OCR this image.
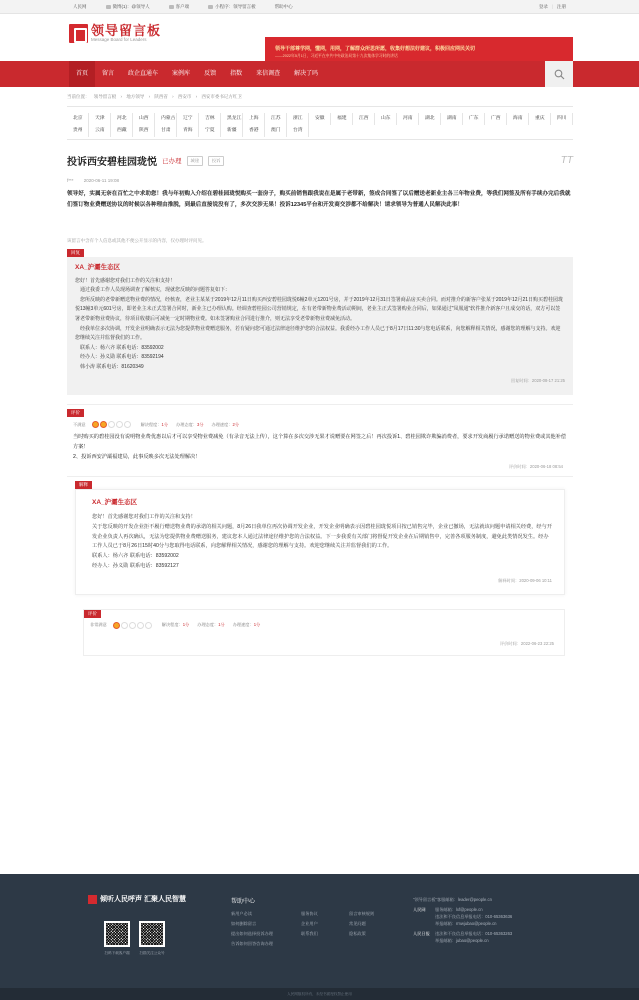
人民网	微博(1)：@领导人	客户端	小程序：领导留言板	帮助中心	登录 | 注册
领导留言板
Message Board for Leaders
领导干部尊学网，懂网，用网，了解群众所思所愿，收集好想法好建议，积极回应网民关切
——2022年5月1日，习近平在中共中央政治局第十九次集体学习时的讲话
首页	留言	政企直通车	案例库	反馈	指数	来信调查	解决了吗
当前位置： 领导留言板 › 地方领导 › 陕西省 › 西安市 › 西安市委书记方红卫
北京	天津	河北	山西	内蒙古	辽宁	吉林	黑龙江	上海	江苏	浙江	安徽	福建	江西	山东	河南	湖北	湖南	广东	广西	海南	重庆	四川
贵州	云南	西藏	陕西	甘肃	青海	宁夏	新疆	香港	澳门	台湾
投诉西安碧桂园珑悦 已办理	城建	投诉	TT
f*** 2020-06-11 19:08
领导好，实属无奈在百忙之中求助您！我与年初购入介绍在碧桂园珑悦购买一套房子，购买前销售跟我说在是属于老带新，签成合同签了以后赠送老新业主各三年物业费，等我们网签及所有手续办完后我就们签订物业费赠送协议的时候以各种理由推脱，到最后直接说没有了，多次交涉无果！投诉12345平台和开发商交涉都不给解决！请求领导为普通人民解决此事！
该留言中含有个人信息或其他不便公开显示的内容，仅办理时评问见。
回复
XA_沪灞生态区
您好！首先感谢您对我们工作的关注和支持！
　通过我委工作人员现场调查了解核实，现就您反映的问题答复如下：
　您所反映的老带新赠送物业费的情况，经核查，老业主某某于2019年12月11日购买西安碧桂园珑悦6幢2单元1201号房，并于2019年12月31日签署商品房买卖合同。而对推介的新客户张某于2019年12月21日购买碧桂园珑悦13幢3单元601号房，即老业主未正式签署合同时，新业主已办理认购。经调查碧桂园公司营销规定，在有老带新物业费活动期间，老业主正式签署购业合同后，如果通过"凤凰通"软件推介新客户且成交的话，双方可以签署老带新物业费协议，待项目收楼后可减免一定时期物业费。如未签署购业合同进行推介，则无法享受老带新物业费减免活动。
　经我单位多次协调，开发企业明确表示无法为您提供物业费赠送服务，若有疑问您可通过法律途径维护您的合法权益。我委经办工作人员已于8月17日11:30与您电话联系，向您解释相关情况，感谢您的理解与支持。欢迎您继续关注并监督我们的工作。
　联系人：杨六齐 联系电话：83592002
　经办人：孙义勋 联系电话：83592194
　韩小涛 联系电话：81620349
回复时间：2020-08-17 21:25
评价
不满意	解决程度：1分 办理态度：3分 办理速度：2分
当时购买的碧桂园没有说明物业费优惠以后才可以享受物业费减免（有录音无法上传），这个算在多次交涉无果才说赠要在网签之后！再次投诉1、碧桂园欺诈欺骗消费者，要求开发商履行承诺赠送的物业费或其他补偿方案！
2、投诉西安沪灞福建局，此事反映多次无法处理解决！
评价时间：2020-06-18 08:54
解释
XA_沪灞生态区
您好！首先感谢您对我们工作的关注和支持！
关于您反映的开发企业拒不履行赠送物业费的承诺的相关问题，8月26日我单位再次协调开发企业，开发企业明确表示因碧桂园珑悦项目按已销售完毕，企业已撤场，无法就该问题申请相关经费，经与开发企业负责人再次确认，无法为您提供物业费赠送服务，建议您本人通过法律途径维护您的合法权益。下一步我委有关部门将督促开发企业在后期销售中，完善各项服务制度，避免此类情况发生。经办工作人员已于8月26日15时40分与您取得电话联系，向您解释相关情况，感谢您的理解与支持。欢迎您继续关注并监督我们的工作。
联系人：杨六齐 联系电话：83592002
经办人：孙义勋 联系电话：83592127
解释时间：2020-09-06 10:11
评价
非常满意	解决程度：1分 办理态度：1分 办理速度：1分
评价时间：2022-06-23 22:25
倾听人民呼声 汇聚人民智慧
扫码下载客户端	扫描关注公众号
帮助中心
新用户必读	服务协议	留言审核规则
如何删除留言	企业用户	常见问题
提出如何选择投诉办理	联系我们	隐私政策
告诉如何回答咨询办理
"领导留言板"客服邮箱：leader@people.cn
人民网	服务邮箱：lxf@people.cn
违法和不良信息举报电话：010-65363636
举报邮箱：rmwjubao@people.cn
人民日报	违法和不良信息举报电话：010-65363263
举报邮箱：jubao@people.cn
人民网版权所有，未经书面授权禁止使用
